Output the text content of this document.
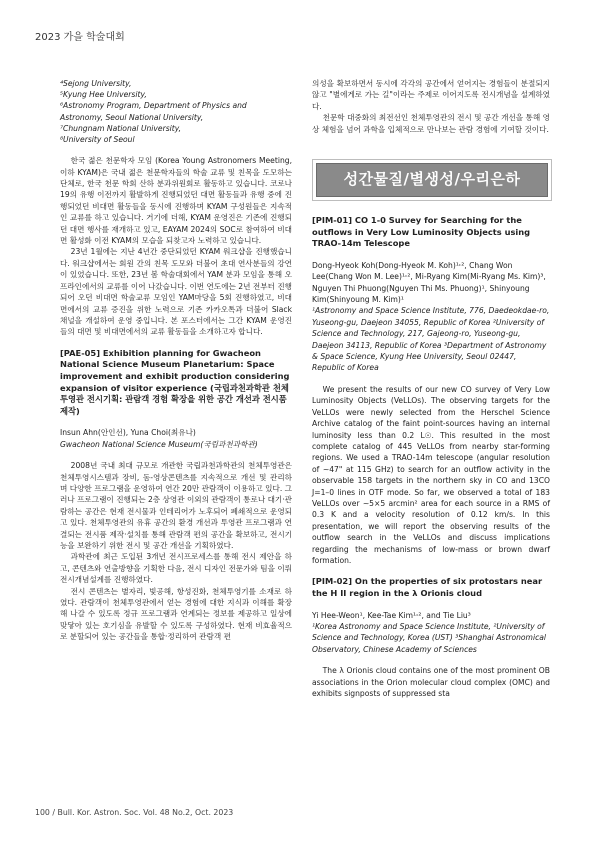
2023 가을 학술대회
⁴Sejong University,
⁵Kyung Hee University,
⁶Astronomy Program, Department of Physics and
Astronomy, Seoul National University,
⁷Chungnam National University,
⁸University of Seoul

한국 젊은 천문학자 모임 (Korea Young Astronomers Meeting, 이하 KYAM)은 국내 젊은 천문학자들의 학술 교류 및 친목을 도모하는 단체로, 한국 천문 학회 산하 분과위원회로 활동하고 있습니다. 코로나19의 유행 이전까지 활발하게 진행되었던 대면 활동들과 유행 중에 진행되었던 비대면 활동들을 동시에 진행하며 KYAM 구성원들은 지속적인 교류를 하고 있습니다. 거기에 더해, KYAM 운영진은 기존에 진행되던 대면 행사를 재개하고 있고, EAYAM 2024의 SOC로 참여하여 비대면 활성화 이전 KYAM의 모습을 되찾고자 노력하고 있습니다.

23년 1월에는 지난 4년간 중단되었던 KYAM 워크샵을 진행했습니다. 워크샵에서는 회원 간의 친목 도모와 더불어 초대 연사분들의 강연이 있었습니다. 또한, 23년 봄 학술대회에서 YAM 분과 모임을 통해 오프라인에서의 교류를 이어 나갔습니다. 이번 연도에는 2년 전부터 진행되어 오던 비대면 학술교류 모임인 YAM마당을 5회 진행하였고, 비대면에서의 교류 증진을 위한 노력으로 기존 카카오톡과 더불어 Slack 채널을 개설하여 운영 중입니다. 본 포스터에서는 그간 KYAM 운영진들의 대면 및 비대면에서의 교류 활동들을 소개하고자 합니다.

[PAE-05] Exhibition planning for Gwacheon National Science Museum Planetarium: Space improvement and exhibit production considering expansion of visitor experience (국립과천과학관 천체투영관 전시기획: 관람객 경험 확장을 위한 공간 개선과 전시품 제작)

Insun Ahn(안인선), Yuna Choi(최유나)

Gwacheon National Science Museum(국립과천과학관)

2008년 국내 최대 규모로 개관한 국립과천과학관의 천체투영관은 천체투영시스템과 장비, 돔-영상콘텐츠를 지속적으로 개선 및 관리하며 다양한 프로그램을 운영하여 연간 20만 관람객이 이용하고 있다. 그러나 프로그램이 진행되는 2층 상영관 이외의 관람객이 통로나 대기·관람하는 공간은 현재 전시물과 인테리어가 노후되어 폐쇄적으로 운영되고 있다. 천체투영관의 유휴 공간의 환경 개선과 투영관 프로그램과 연결되는 전시품 제작·설치를 통해 관람객 편의 공간을 확보하고, 전시기능을 보완하기 위한 전시 및 공간 개선을 기획하였다.

과학관에 최근 도입된 3개년 전시프로세스를 통해 전시 제안을 하고, 콘텐츠와 연출방향을 기획한 다음, 전시 디자인 전문가와 팀을 이뤄 전시개념설계를 진행하였다.

전시 콘텐츠는 별자리, 빛공해, 항성진화, 천체투영기를 소재로 하였다. 관람객이 천체투영관에서 얻는 경험에 대한 지식과 이해를 확장해 나갈 수 있도록 정규 프로그램과 연계되는 정보를 제공하고 일상에 맞닿아 있는 호기심을 유발할 수 있도록 구성하였다. 현재 비효율적으로 분할되어 있는 공간들을 통합·정리하여 관람객 편

의성을 확보하면서 동시에 각각의 공간에서 얻어지는 경험들이 분절되지 않고 "별에게로 가는 길"이라는 주제로 이어지도록 전시개념을 설계하였다.

천문학 대중화의 최전선인 천체투영관의 전시 및 공간 개선을 통해 영상 체험을 넘어 과학을 입체적으로 만나보는 관람 경험에 기여할 것이다.

성간물질/별생성/우리은하

[PIM-01] CO 1-0 Survey for Searching for the outflows in Very Low Luminosity Objects using TRAO-14m Telescope

Dong-Hyeok Koh(Dong-Hyeok M. Koh)¹˒², Chang Won Lee(Chang Won M. Lee)¹˒², Mi-Ryang Kim(Mi-Ryang Ms. Kim)³, Nguyen Thi Phuong(Nguyen Thi Ms. Phuong)¹, Shinyoung Kim(Shinyoung M. Kim)¹

¹Astronomy and Space Science Institute, 776, Daedeokdae-ro, Yuseong-gu, Daejeon 34055, Republic of Korea ²University of Science and Technology, 217, Gajeong-ro, Yuseong-gu, Daejeon 34113, Republic of Korea ³Department of Astronomy & Space Science, Kyung Hee University, Seoul 02447, Republic of Korea

We present the results of our new CO survey of Very Low Luminosity Objects (VeLLOs). The observing targets for the VeLLOs were newly selected from the Herschel Science Archive catalog of the faint point-sources having an internal luminosity less than 0.2 L☉. This resulted in the most complete catalog of 445 VeLLOs from nearby star-forming regions. We used a TRAO-14m telescope (angular resolution of ~47" at 115 GHz) to search for an outflow activity in the observable 158 targets in the northern sky in CO and 13CO J=1–0 lines in OTF mode. So far, we observed a total of 183 VeLLOs over ~5×5 arcmin² area for each source in a RMS of 0.3 K and a velocity resolution of 0.12 km/s. In this presentation, we will report the observing results of the outflow search in the VeLLOs and discuss implications regarding the mechanisms of low-mass or brown dwarf formation.

[PIM-02] On the properties of six protostars near the H II region in the λ Orionis cloud

Yi Hee-Weon¹, Kee-Tae Kim¹˒², and Tie Liu³

¹Korea Astronomy and Space Science Institute, ²University of Science and Technology, Korea (UST) ³Shanghai Astronomical Observatory, Chinese Academy of Sciences

The λ Orionis cloud contains one of the most prominent OB associations in the Orion molecular cloud complex (OMC) and exhibits signposts of suppressed sta

100 / Bull. Kor. Astron. Soc. Vol. 48 No.2, Oct. 2023
